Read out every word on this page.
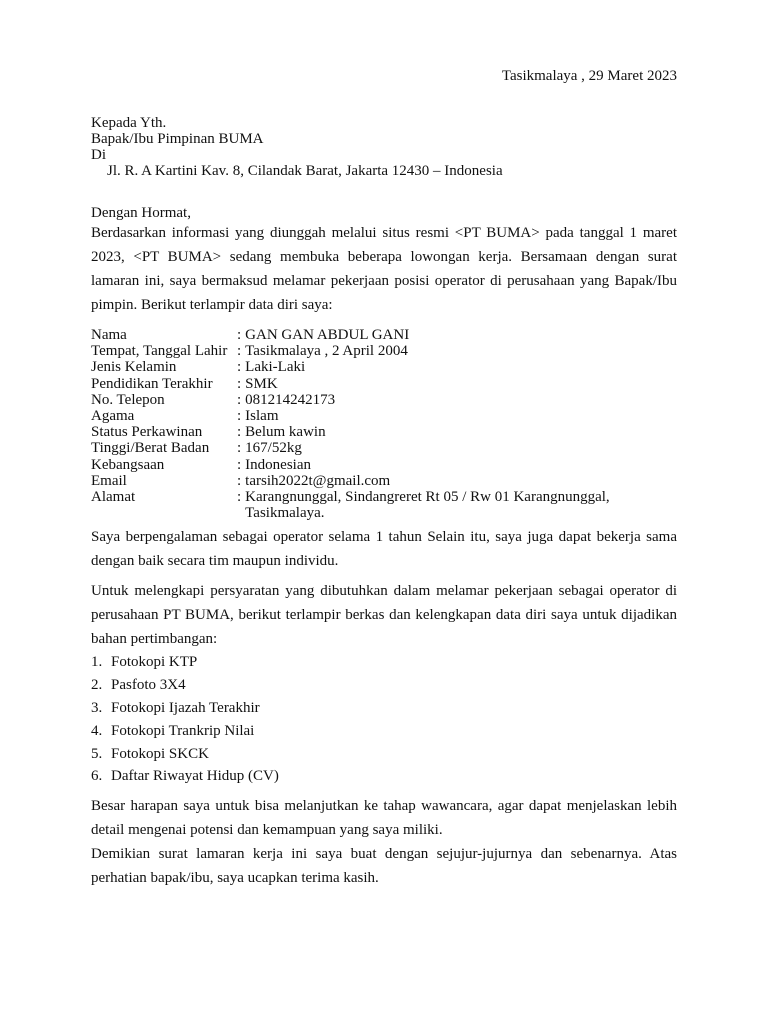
Tasikmalaya , 29 Maret 2023

Kepada Yth.
Bapak/Ibu Pimpinan BUMA
Di
Jl. R. A Kartini Kav. 8, Cilandak Barat, Jakarta 12430 – Indonesia
Dengan Hormat,

Berdasarkan informasi yang diunggah melalui situs resmi <PT BUMA> pada tanggal 1 maret 2023, <PT BUMA> sedang membuka beberapa lowongan kerja. Bersamaan dengan surat lamaran ini, saya bermaksud melamar pekerjaan posisi operator di perusahaan yang Bapak/Ibu pimpin. Berikut terlampir data diri saya:

Nama	: GAN GAN ABDUL GANI
Tempat, Tanggal Lahir : Tasikmalaya , 2 April 2004
Jenis Kelamin	: Laki-Laki
Pendidikan Terakhir	: SMK
No. Telepon	: 081214242173
Agama	: Islam
Status Perkawinan	: Belum kawin
Tinggi/Berat Badan	: 167/52kg
Kebangsaan	: Indonesian
Email	: tarsih2022t@gmail.com
Alamat	: Karangnunggal, Sindangreret Rt 05 / Rw 01 Karangnunggal, Tasikmalaya.

Saya berpengalaman sebagai operator selama 1 tahun Selain itu, saya juga dapat bekerja sama dengan baik secara tim maupun individu.

Untuk melengkapi persyaratan yang dibutuhkan dalam melamar pekerjaan sebagai operator di perusahaan PT BUMA, berikut terlampir berkas dan kelengkapan data diri saya untuk dijadikan bahan pertimbangan:

1. Fotokopi KTP
2. Pasfoto 3X4
3. Fotokopi Ijazah Terakhir
4. Fotokopi Trankrip Nilai
5. Fotokopi SKCK
6. Daftar Riwayat Hidup (CV)

Besar harapan saya untuk bisa melanjutkan ke tahap wawancara, agar dapat menjelaskan lebih detail mengenai potensi dan kemampuan yang saya miliki.

Demikian surat lamaran kerja ini saya buat dengan sejujur-jujurnya dan sebenarnya. Atas perhatian bapak/ibu, saya ucapkan terima kasih.
